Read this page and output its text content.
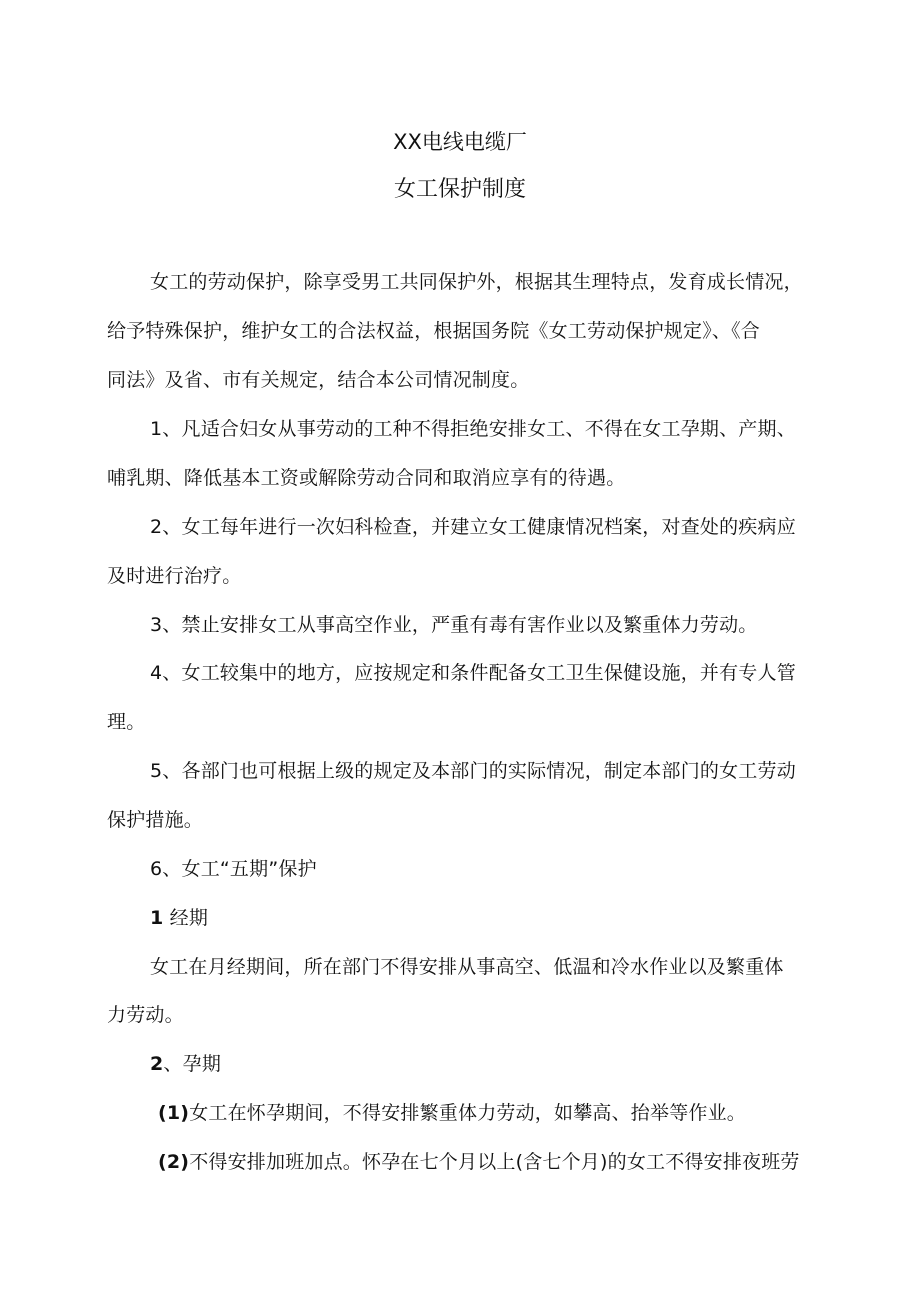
XX电线电缆厂
女工保护制度
女工的劳动保护，除享受男工共同保护外，根据其生理特点，发育成长情况，
给予特殊保护，维护女工的合法权益，根据国务院《女工劳动保护规定》、《合
同法》及省、市有关规定，结合本公司情况制度。
1、凡适合妇女从事劳动的工种不得拒绝安排女工、不得在女工孕期、产期、
哺乳期、降低基本工资或解除劳动合同和取消应享有的待遇。
2、女工每年进行一次妇科检查，并建立女工健康情况档案，对查处的疾病应
及时进行治疗。
3、禁止安排女工从事高空作业，严重有毒有害作业以及繁重体力劳动。
4、女工较集中的地方，应按规定和条件配备女工卫生保健设施，并有专人管
理。
5、各部门也可根据上级的规定及本部门的实际情况，制定本部门的女工劳动
保护措施。
6、女工“五期”保护
1 经期
女工在月经期间，所在部门不得安排从事高空、低温和冷水作业以及繁重体
力劳动。
2、孕期
(1)女工在怀孕期间，不得安排繁重体力劳动，如攀高、抬举等作业。
(2)不得安排加班加点。怀孕在七个月以上(含七个月)的女工不得安排夜班劳
